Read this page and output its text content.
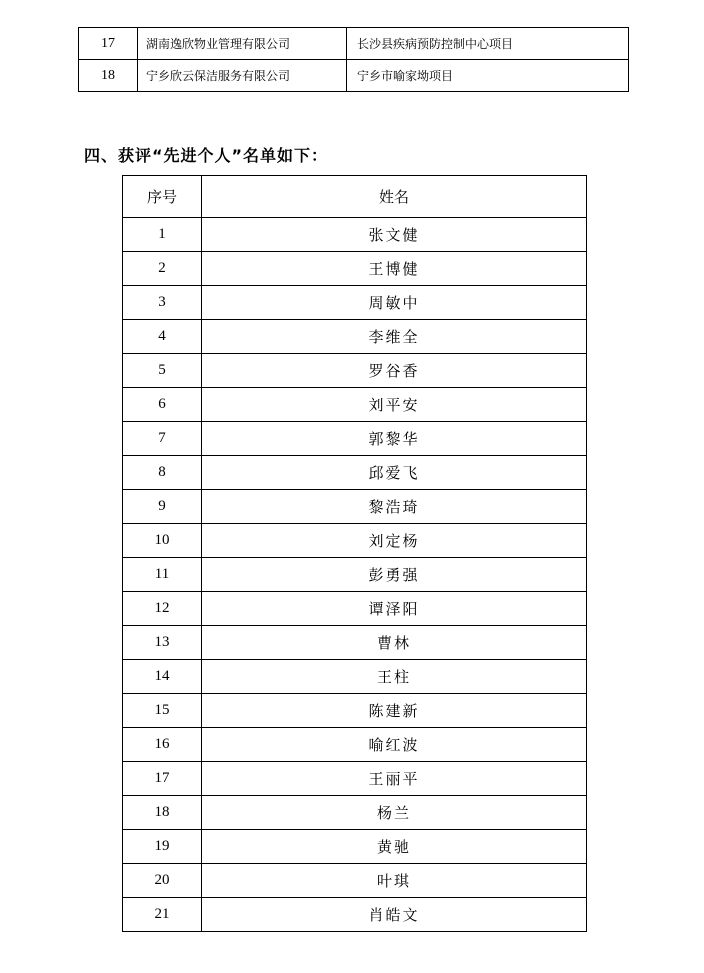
17	湖南逸欣物业管理有限公司	长沙县疾病预防控制中心项目
18	宁乡欣云保洁服务有限公司	宁乡市喻家坳项目
四、获评“先进个人”名单如下：
序号	姓名
1	张文健
2	王博健
3	周敏中
4	李维全
5	罗谷香
6	刘平安
7	郭黎华
8	邱爱飞
9	黎浩琦
10	刘定杨
11	彭勇强
12	谭泽阳
13	曹林
14	王柱
15	陈建新
16	喻红波
17	王丽平
18	杨兰
19	黄驰
20	叶琪
21	肖皓文
